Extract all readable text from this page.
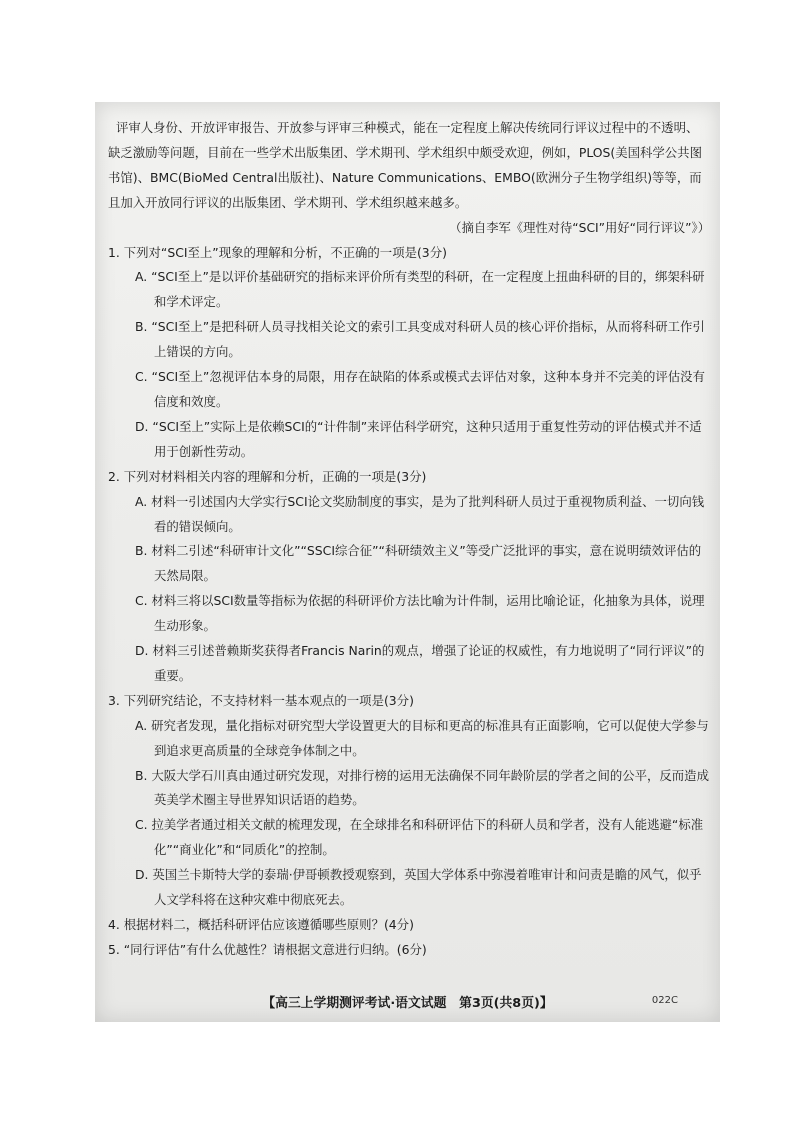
评审人身份、开放评审报告、开放参与评审三种模式，能在一定程度上解决传统同行评议过程中的不透明、缺乏激励等问题，目前在一些学术出版集团、学术期刊、学术组织中颇受欢迎，例如，PLOS(美国科学公共图书馆)、BMC(BioMed Central出版社)、Nature Communications、EMBO(欧洲分子生物学组织)等等，而且加入开放同行评议的出版集团、学术期刊、学术组织越来越多。

（摘自李军《理性对待“SCI”用好“同行评议”》）

1. 下列对“SCI至上”现象的理解和分析，不正确的一项是(3分)

A. “SCI至上”是以评价基础研究的指标来评价所有类型的科研，在一定程度上扭曲科研的目的，绑架科研和学术评定。

B. “SCI至上”是把科研人员寻找相关论文的索引工具变成对科研人员的核心评价指标，从而将科研工作引上错误的方向。

C. “SCI至上”忽视评估本身的局限，用存在缺陷的体系或模式去评估对象，这种本身并不完美的评估没有信度和效度。

D. “SCI至上”实际上是依赖SCI的“计件制”来评估科学研究，这种只适用于重复性劳动的评估模式并不适用于创新性劳动。

2. 下列对材料相关内容的理解和分析，正确的一项是(3分)

A. 材料一引述国内大学实行SCI论文奖励制度的事实，是为了批判科研人员过于重视物质利益、一切向钱看的错误倾向。

B. 材料二引述“科研审计文化”“SSCI综合征”“科研绩效主义”等受广泛批评的事实，意在说明绩效评估的天然局限。

C. 材料三将以SCI数量等指标为依据的科研评价方法比喻为计件制，运用比喻论证，化抽象为具体，说理生动形象。

D. 材料三引述普赖斯奖获得者Francis Narin的观点，增强了论证的权威性，有力地说明了“同行评议”的重要。

3. 下列研究结论，不支持材料一基本观点的一项是(3分)

A. 研究者发现，量化指标对研究型大学设置更大的目标和更高的标准具有正面影响，它可以促使大学参与到追求更高质量的全球竞争体制之中。

B. 大阪大学石川真由通过研究发现，对排行榜的运用无法确保不同年龄阶层的学者之间的公平，反而造成英美学术圈主导世界知识话语的趋势。

C. 拉美学者通过相关文献的梳理发现，在全球排名和科研评估下的科研人员和学者，没有人能逃避“标准化”“商业化”和“同质化”的控制。

D. 英国兰卡斯特大学的泰瑞·伊哥顿教授观察到，英国大学体系中弥漫着唯审计和问责是瞻的风气，似乎人文学科将在这种灾难中彻底死去。

4. 根据材料二，概括科研评估应该遵循哪些原则？(4分)

5. “同行评估”有什么优越性？请根据文意进行归纳。(6分)

【高三上学期测评考试·语文试题　第3页(共8页)】	022C
